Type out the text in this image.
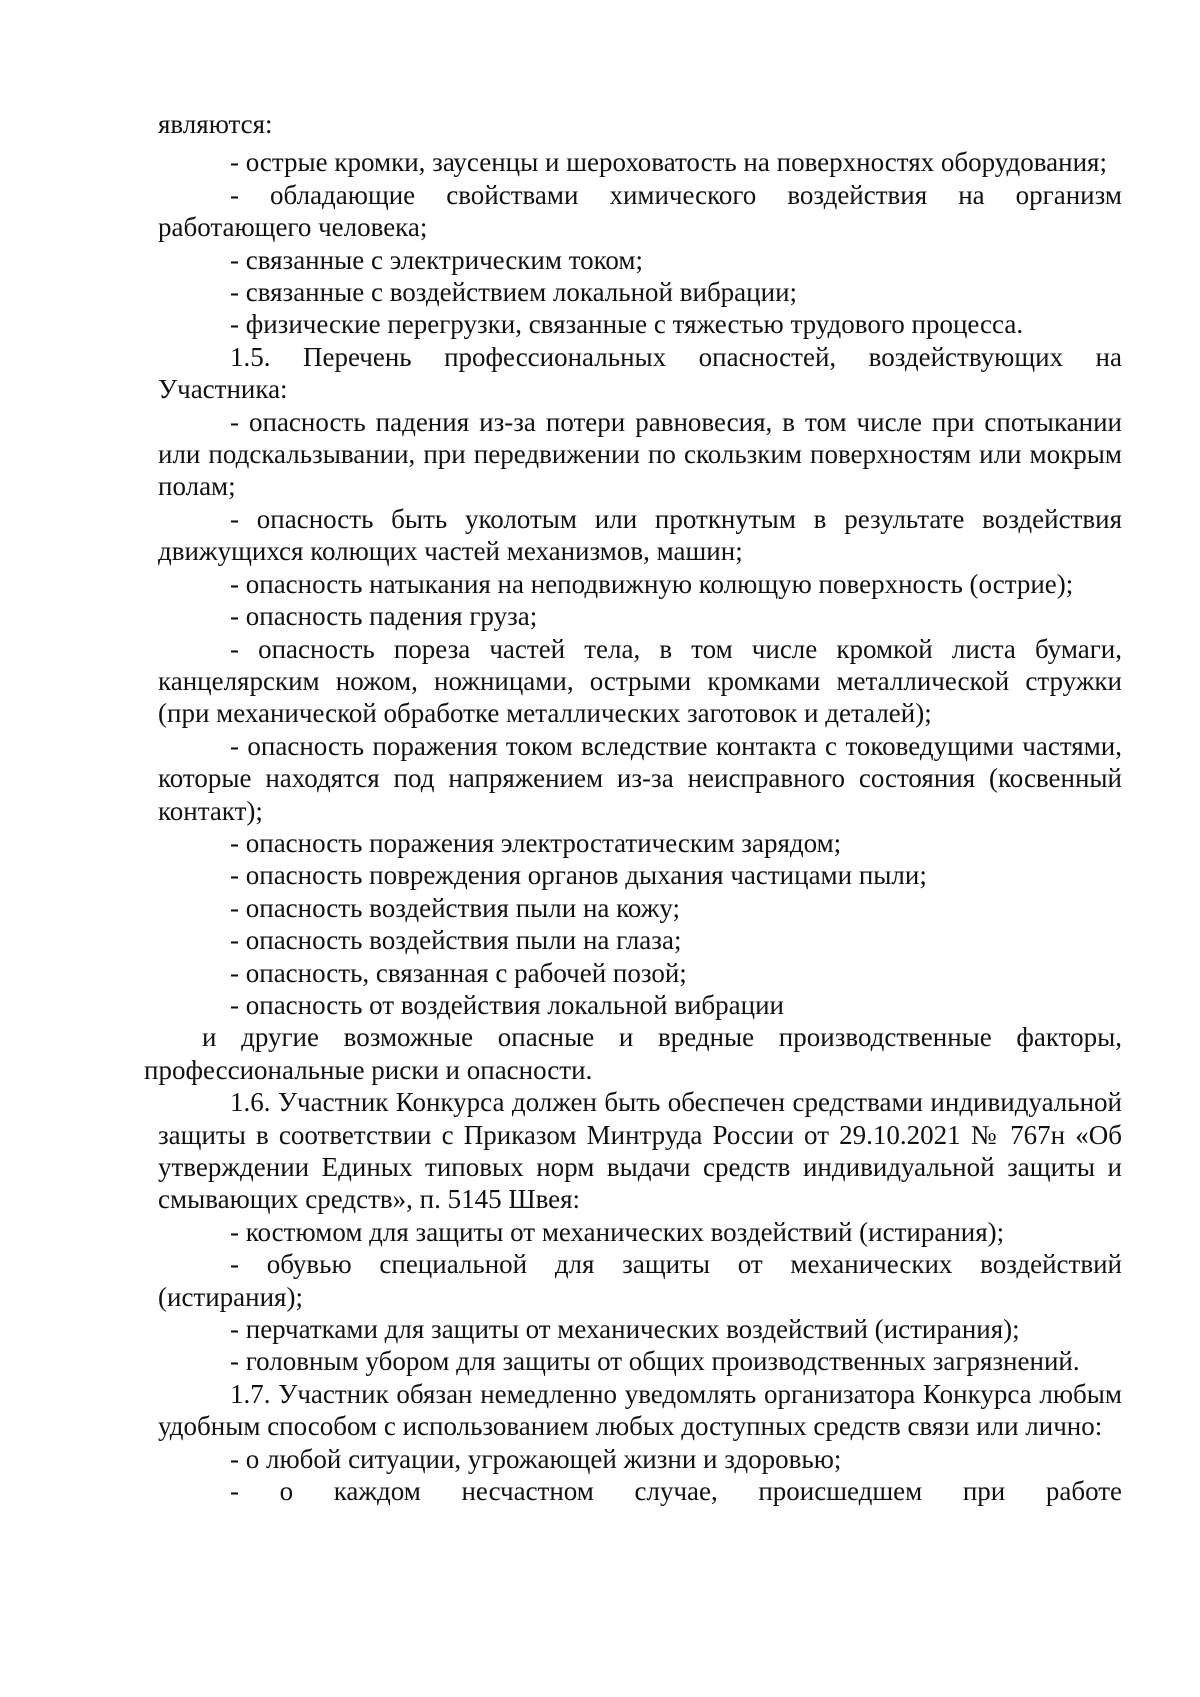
являются:

- острые кромки, заусенцы и шероховатость на поверхностях оборудования;

- обладающие свойствами химического воздействия на организм работающего человека;

- связанные с электрическим током;

- связанные с воздействием локальной вибрации;

- физические перегрузки, связанные с тяжестью трудового процесса.

1.5. Перечень профессиональных опасностей, воздействующих на Участника:

- опасность падения из-за потери равновесия, в том числе при спотыкании или подскальзывании, при передвижении по скользким поверхностям или мокрым полам;

- опасность быть уколотым или проткнутым в результате воздействия движущихся колющих частей механизмов, машин;

- опасность натыкания на неподвижную колющую поверхность (острие);

- опасность падения груза;

- опасность пореза частей тела, в том числе кромкой листа бумаги, канцелярским ножом, ножницами, острыми кромками металлической стружки (при механической обработке металлических заготовок и деталей);

- опасность поражения током вследствие контакта с токоведущими частями, которые находятся под напряжением из-за неисправного состояния (косвенный контакт);

- опасность поражения электростатическим зарядом;

- опасность повреждения органов дыхания частицами пыли;

- опасность воздействия пыли на кожу;

- опасность воздействия пыли на глаза;

- опасность, связанная с рабочей позой;

- опасность от воздействия локальной вибрации

и другие возможные опасные и вредные производственные факторы, профессиональные риски и опасности.

1.6. Участник Конкурса должен быть обеспечен средствами индивидуальной защиты в соответствии с Приказом Минтруда России от 29.10.2021 № 767н «Об утверждении Единых типовых норм выдачи средств индивидуальной защиты и смывающих средств», п. 5145 Швея:

- костюмом для защиты от механических воздействий (истирания);

- обувью специальной для защиты от механических воздействий (истирания);

- перчатками для защиты от механических воздействий (истирания);

- головным убором для защиты от общих производственных загрязнений.

1.7. Участник обязан немедленно уведомлять организатора Конкурса любым удобным способом с использованием любых доступных средств связи или лично:

- о любой ситуации, угрожающей жизни и здоровью;

- о каждом несчастном случае, происшедшем при работе
